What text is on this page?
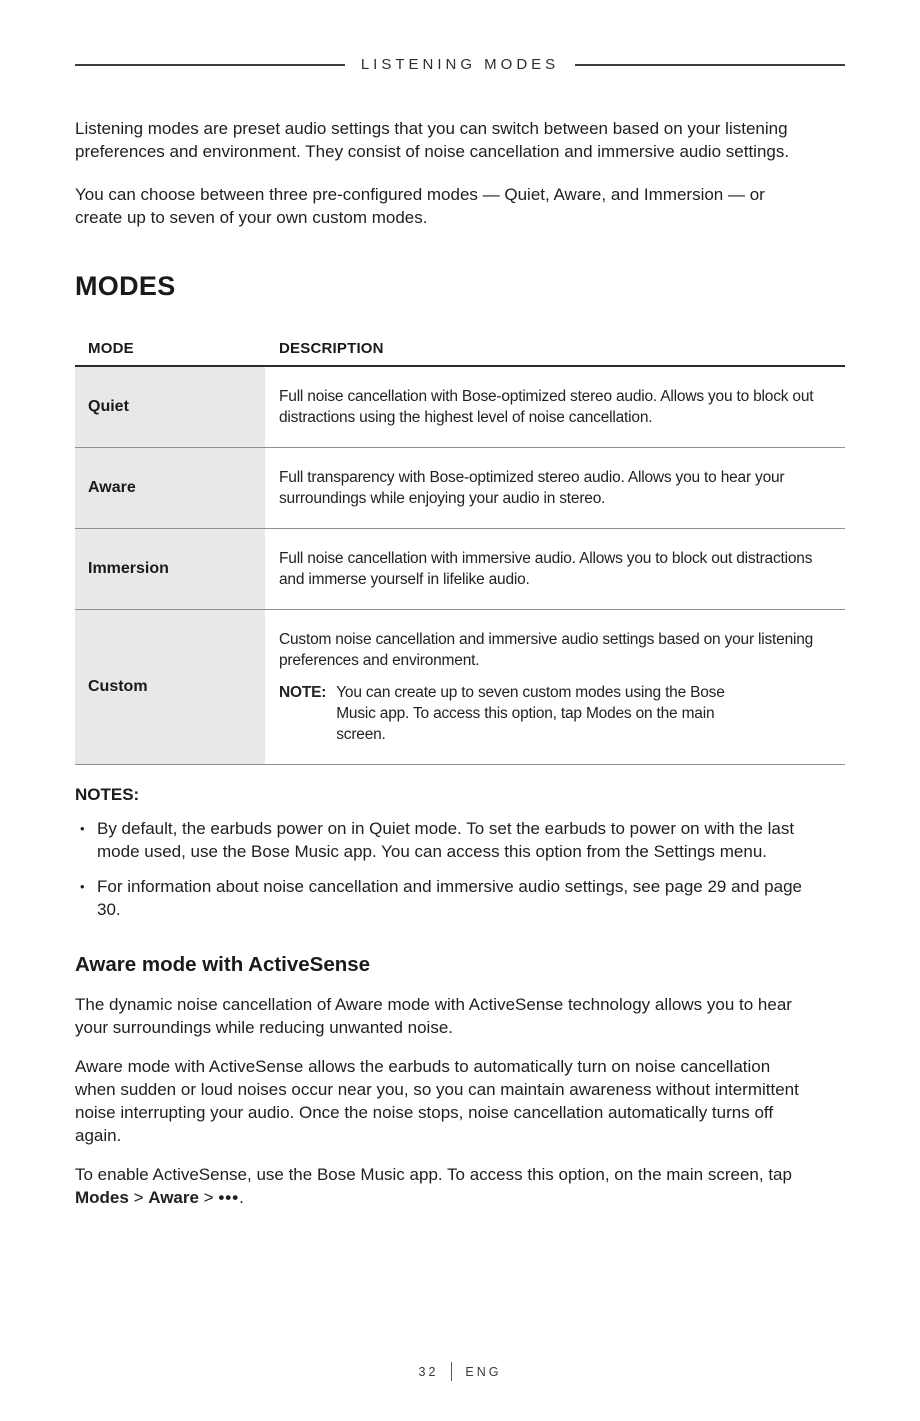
LISTENING MODES

Listening modes are preset audio settings that you can switch between based on your listening preferences and environment. They consist of noise cancellation and immersive audio settings.

You can choose between three pre-configured modes — Quiet, Aware, and Immersion — or create up to seven of your own custom modes.

MODES
MODE	DESCRIPTION
Quiet
Full noise cancellation with Bose-optimized stereo audio. Allows you to block out distractions using the highest level of noise cancellation.
Aware
Full transparency with Bose-optimized stereo audio. Allows you to hear your surroundings while enjoying your audio in stereo.
Immersion
Full noise cancellation with immersive audio. Allows you to block out distractions and immerse yourself in lifelike audio.
Custom
Custom noise cancellation and immersive audio settings based on your listening preferences and environment.
NOTE: You can create up to seven custom modes using the Bose Music app. To access this option, tap Modes on the main screen.
NOTES:
• By default, the earbuds power on in Quiet mode. To set the earbuds to power on with the last mode used, use the Bose Music app. You can access this option from the Settings menu.
• For information about noise cancellation and immersive audio settings, see page 29 and page 30.
Aware mode with ActiveSense

The dynamic noise cancellation of Aware mode with ActiveSense technology allows you to hear your surroundings while reducing unwanted noise.

Aware mode with ActiveSense allows the earbuds to automatically turn on noise cancellation when sudden or loud noises occur near you, so you can maintain awareness without intermittent noise interrupting your audio. Once the noise stops, noise cancellation automatically turns off again.

To enable ActiveSense, use the Bose Music app. To access this option, on the main screen, tap Modes > Aware > •••.

32 ENG
